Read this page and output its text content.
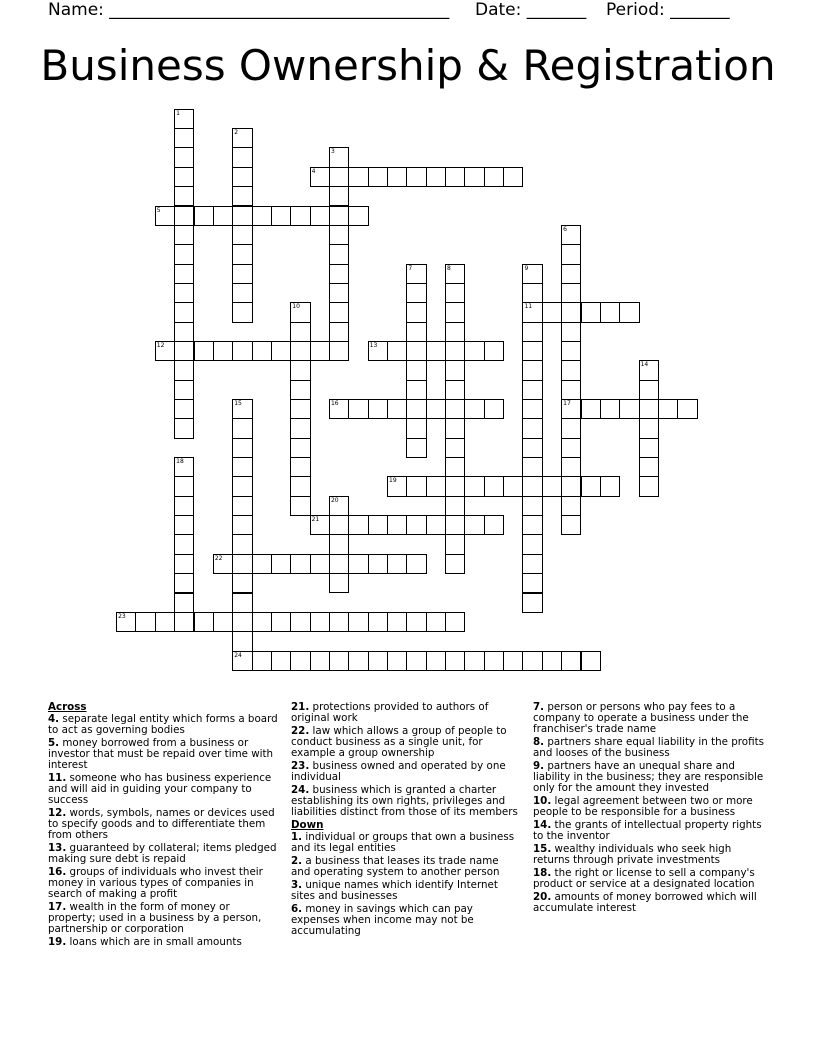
Name: ________________________________________ Date: _______ Period: _______
Business Ownership & Registration
1
2
3
4
5
6
17
7	8	9
11
10
12	13
14
15
24
16
18
19
20
21
22
23
Across
4. separate legal entity which forms a board to act as governing bodies
5. money borrowed from a business or investor that must be repaid over time with interest
11. someone who has business experience and will aid in guiding your company to success
12. words, symbols, names or devices used to specify goods and to differentiate them from others
13. guaranteed by collateral; items pledged making sure debt is repaid
16. groups of individuals who invest their money in various types of companies in search of making a profit
17. wealth in the form of money or property; used in a business by a person, partnership or corporation
19. loans which are in small amounts
21. protections provided to authors of original work
22. law which allows a group of people to conduct business as a single unit, for example a group ownership
23. business owned and operated by one individual
24. business which is granted a charter establishing its own rights, privileges and liabilities distinct from those of its members
Down
1. individual or groups that own a business and its legal entities
2. a business that leases its trade name and operating system to another person
3. unique names which identify Internet sites and businesses
6. money in savings which can pay expenses when income may not be accumulating
7. person or persons who pay fees to a company to operate a business under the franchiser's trade name
8. partners share equal liability in the profits and looses of the business
9. partners have an unequal share and liability in the business; they are responsible only for the amount they invested
10. legal agreement between two or more people to be responsible for a business
14. the grants of intellectual property rights to the inventor
15. wealthy individuals who seek high returns through private investments
18. the right or license to sell a company's product or service at a designated location
20. amounts of money borrowed which will accumulate interest
